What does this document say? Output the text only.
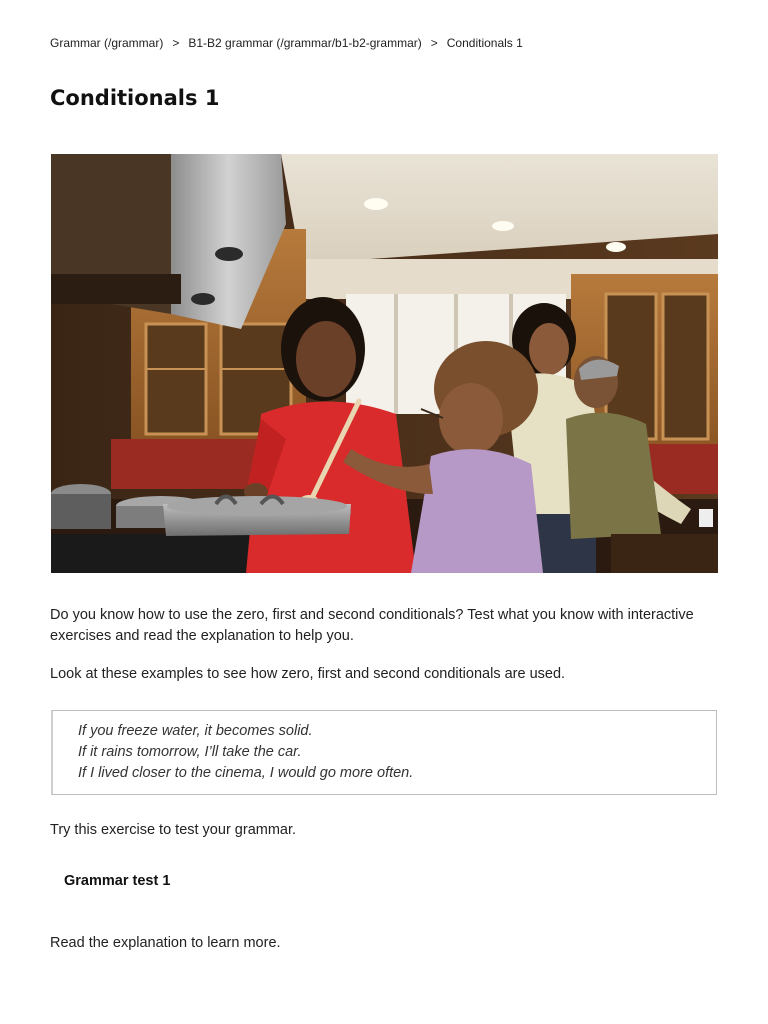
Grammar (/grammar) > B1-B2 grammar (/grammar/b1-b2-grammar) > Conditionals 1
Conditionals 1

Do you know how to use the zero, first and second conditionals? Test what you know with interactive exercises and read the explanation to help you.

Look at these examples to see how zero, first and second conditionals are used.

If you freeze water, it becomes solid.

If it rains tomorrow, I’ll take the car.

If I lived closer to the cinema, I would go more often.

Try this exercise to test your grammar.

Grammar test 1

Read the explanation to learn more.
